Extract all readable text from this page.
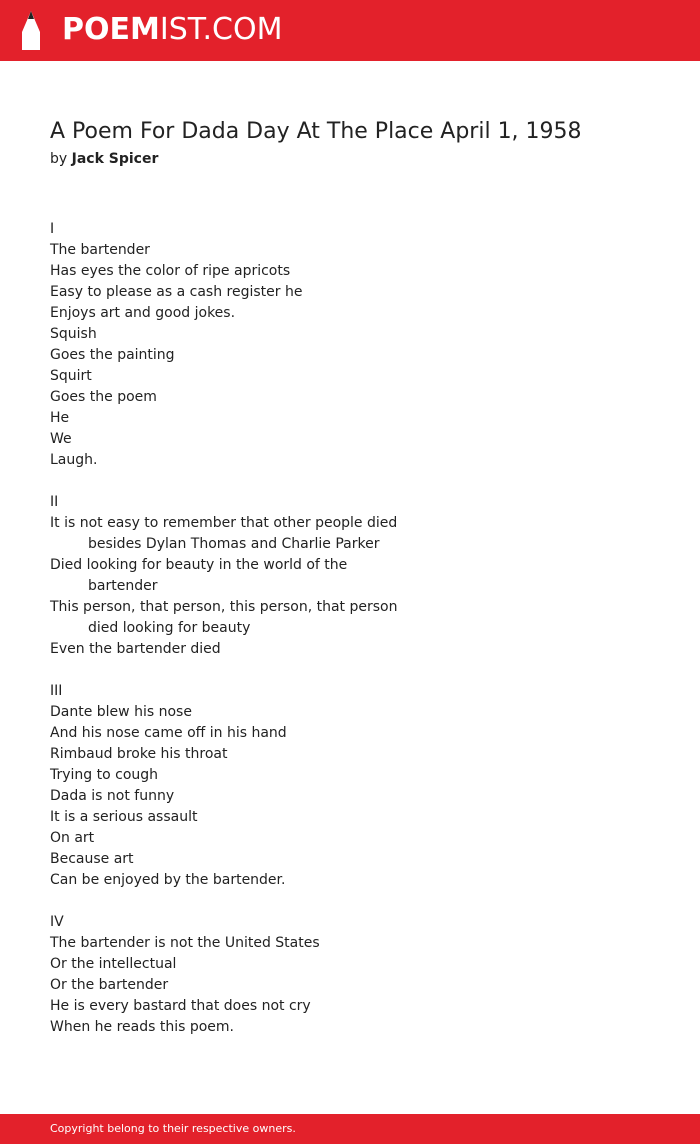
POEMIST.COM
A Poem For Dada Day At The Place April 1, 1958
by Jack Spicer
I
The bartender
Has eyes the color of ripe apricots
Easy to please as a cash register he
Enjoys art and good jokes.
Squish
Goes the painting
Squirt
Goes the poem
He
We
Laugh.
II
It is not easy to remember that other people died
besides Dylan Thomas and Charlie Parker
Died looking for beauty in the world of the
bartender
This person, that person, this person, that person
died looking for beauty
Even the bartender died
III
Dante blew his nose
And his nose came off in his hand
Rimbaud broke his throat
Trying to cough
Dada is not funny
It is a serious assault
On art
Because art
Can be enjoyed by the bartender.
IV
The bartender is not the United States
Or the intellectual
Or the bartender
He is every bastard that does not cry
When he reads this poem.
Copyright belong to their respective owners.
